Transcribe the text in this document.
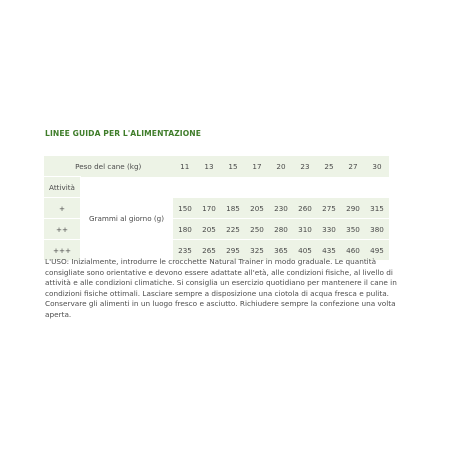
LINEE GUIDA PER L'ALIMENTAZIONE
Peso del cane (kg)		11	13	15	17	20	23	25	27	30
Attività	Grammi al giorno (g)									
+		150	170	185	205	230	260	275	290	315
++		180	205	225	250	280	310	330	350	380
+++		235	265	295	325	365	405	435	460	495
L'USO: Inizialmente, introdurre le crocchette Natural Trainer in modo graduale. Le quantità consigliate sono orientative e devono essere adattate all'età, alle condizioni fisiche, al livello di attività e alle condizioni climatiche. Si consiglia un esercizio quotidiano per mantenere il cane in condizioni fisiche ottimali. Lasciare sempre a disposizione una ciotola di acqua fresca e pulita. Conservare gli alimenti in un luogo fresco e asciutto. Richiudere sempre la confezione una volta aperta.
